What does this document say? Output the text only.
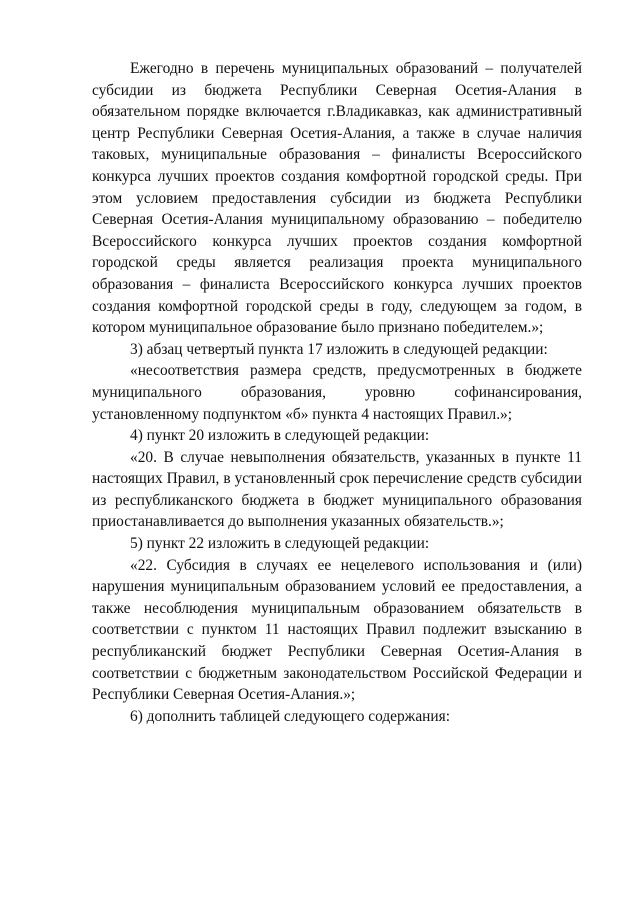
Ежегодно в перечень муниципальных образований – получателей субсидии из бюджета Республики Северная Осетия-Алания в обязательном порядке включается г.Владикавказ, как административный центр Республики Северная Осетия-Алания, а также в случае наличия таковых, муниципальные образования – финалисты Всероссийского конкурса лучших проектов создания комфортной городской среды. При этом условием предоставления субсидии из бюджета Республики Северная Осетия-Алания муниципальному образованию – победителю Всероссийского конкурса лучших проектов создания комфортной городской среды является реализация проекта муниципального образования – финалиста Всероссийского конкурса лучших проектов создания комфортной городской среды в году, следующем за годом, в котором муниципальное образование было признано победителем.»;

3) абзац четвертый пункта 17 изложить в следующей редакции:

«несоответствия размера средств, предусмотренных в бюджете муниципального образования, уровню софинансирования, установленному подпунктом «б» пункта 4 настоящих Правил.»;

4) пункт 20 изложить в следующей редакции:

«20. В случае невыполнения обязательств, указанных в пункте 11 настоящих Правил, в установленный срок перечисление средств субсидии из республиканского бюджета в бюджет муниципального образования приостанавливается до выполнения указанных обязательств.»;

5) пункт 22 изложить в следующей редакции:

«22. Субсидия в случаях ее нецелевого использования и (или) нарушения муниципальным образованием условий ее предоставления, а также несоблюдения муниципальным образованием обязательств в соответствии с пунктом 11 настоящих Правил подлежит взысканию в республиканский бюджет Республики Северная Осетия-Алания в соответствии с бюджетным законодательством Российской Федерации и Республики Северная Осетия-Алания.»;

6) дополнить таблицей следующего содержания:
